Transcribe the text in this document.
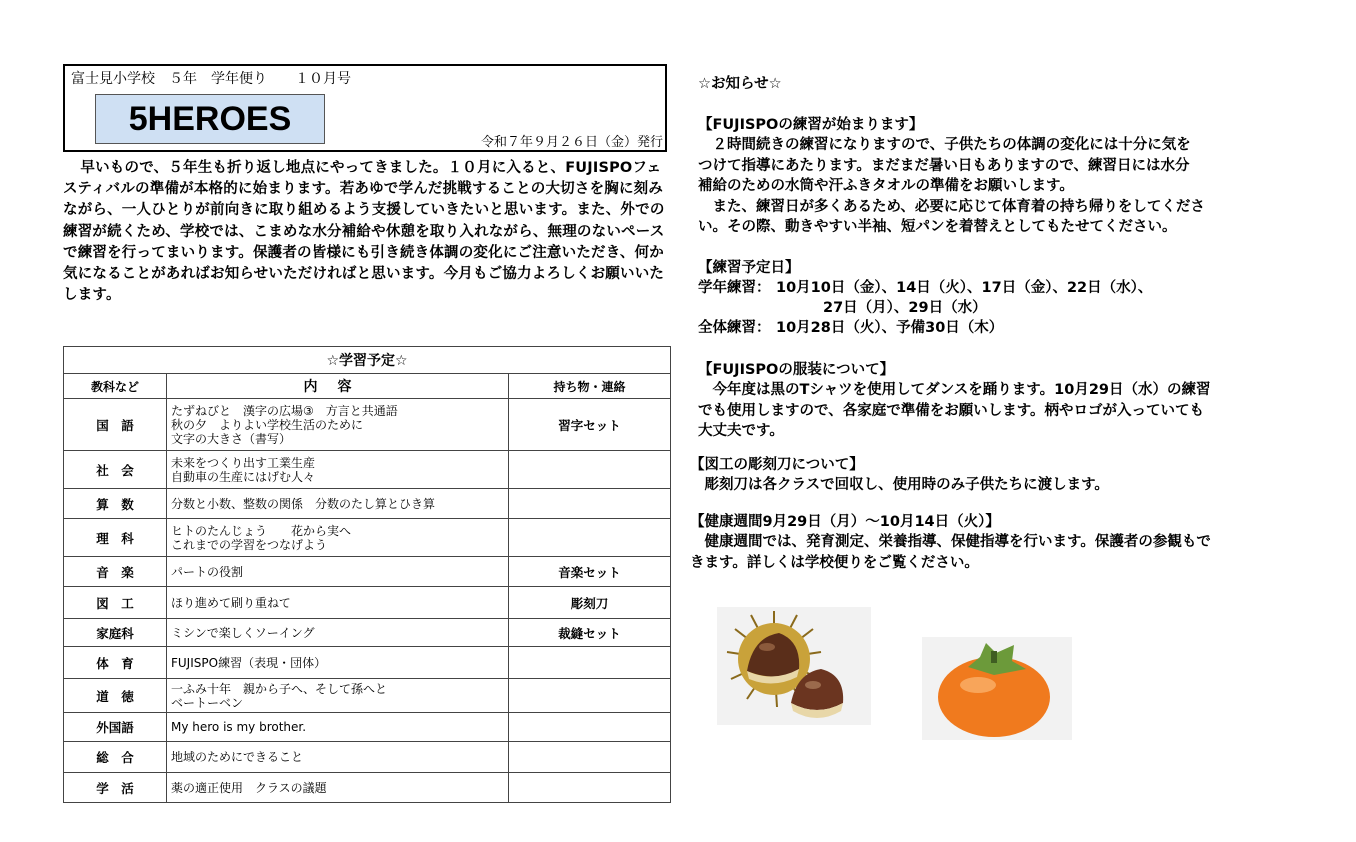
富士見小学校　５年　学年便り　　１０月号
5HEROES
令和７年９月２６日（金）発行

早いもので、５年生も折り返し地点にやってきました。１０月に入ると、FUJISPOフェスティバルの準備が本格的に始まります。若あゆで学んだ挑戦することの大切さを胸に刻みながら、一人ひとりが前向きに取り組めるよう支援していきたいと思います。また、外での練習が続くため、学校では、こまめな水分補給や休憩を取り入れながら、無理のないペースで練習を行ってまいります。保護者の皆様にも引き続き体調の変化にご注意いただき、何か気になることがあればお知らせいただければと思います。今月もご協力よろしくお願いいたします。

☆学習予定☆		
教科など	内容	持ち物・連絡
国　語	たずねびと　漢字の広場③　方言と共通語
秋の夕　よりよい学校生活のために
文字の大きさ（書写）	習字セット
社　会	未来をつくり出す工業生産
自動車の生産にはげむ人々	
算　数	分数と小数、整数の関係　分数のたし算とひき算	
理　科	ヒトのたんじょう　　花から実へ
これまでの学習をつなげよう	
音　楽	パートの役割	音楽セット
図　工	ほり進めて刷り重ねて	彫刻刀
家庭科	ミシンで楽しくソーイング	裁縫セット
体　育	FUJISPO練習（表現・団体）	
道　徳	一ふみ十年　親から子へ、そして孫へと
ベートーベン	
外国語	My hero is my brother.	
総　合	地域のためにできること	
学　活	薬の適正使用　クラスの議題	
☆お知らせ☆
【FUJISPOの練習が始まります】
　２時間続きの練習になりますので、子供たちの体調の変化には十分に気を
つけて指導にあたります。まだまだ暑い日もありますので、練習日には水分
補給のための水筒や汗ふきタオルの準備をお願いします。
　また、練習日が多くあるため、必要に応じて体育着の持ち帰りをしてくださ
い。その際、動きやすい半袖、短パンを着替えとしてもたせてください。
【練習予定日】
学年練習： 10月10日（金）、14日（火）、17日（金）、22日（水）、
27日（月）、29日（水）
全体練習： 10月28日（火）、予備30日（木）
【FUJISPOの服装について】
　今年度は黒のTシャツを使用してダンスを踊ります。10月29日（水）の練習
でも使用しますので、各家庭で準備をお願いします。柄やロゴが入っていても
大丈夫です。
【図工の彫刻刀について】
　彫刻刀は各クラスで回収し、使用時のみ子供たちに渡します。
【健康週間9月29日（月）～10月14日（火）】
　健康週間では、発育測定、栄養指導、保健指導を行います。保護者の参観もで
きます。詳しくは学校便りをご覧ください。
